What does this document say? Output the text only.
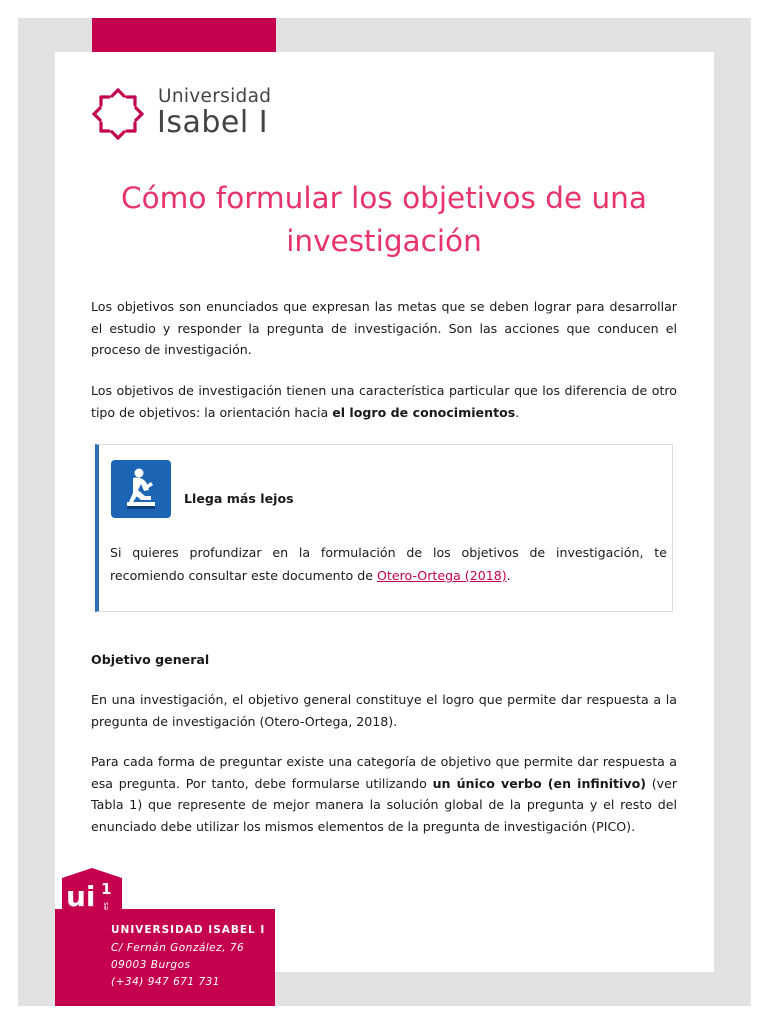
Universidad
Isabel I
Cómo formular los objetivos de una
investigación
Los objetivos son enunciados que expresan las metas que se deben lograr para desarrollar el estudio y responder la pregunta de investigación. Son las acciones que conducen el proceso de investigación.
Los objetivos de investigación tienen una característica particular que los diferencia de otro tipo de objetivos: la orientación hacia el logro de conocimientos.
Llega más lejos
Si quieres profundizar en la formulación de los objetivos de investigación, te recomiendo consultar este documento de Otero-Ortega (2018).
Objetivo general
En una investigación, el objetivo general constituye el logro que permite dar respuesta a la pregunta de investigación (Otero-Ortega, 2018).
Para cada forma de preguntar existe una categoría de objetivo que permite dar respuesta a esa pregunta. Por tanto, debe formularse utilizando un único verbo (en infinitivo) (ver Tabla 1) que represente de mejor manera la solución global de la pregunta y el resto del enunciado debe utilizar los mismos elementos de la pregunta de investigación (PICO).
ui 1
es
UNIVERSIDAD ISABEL I
C/ Fernán González, 76
09003 Burgos
(+34) 947 671 731
